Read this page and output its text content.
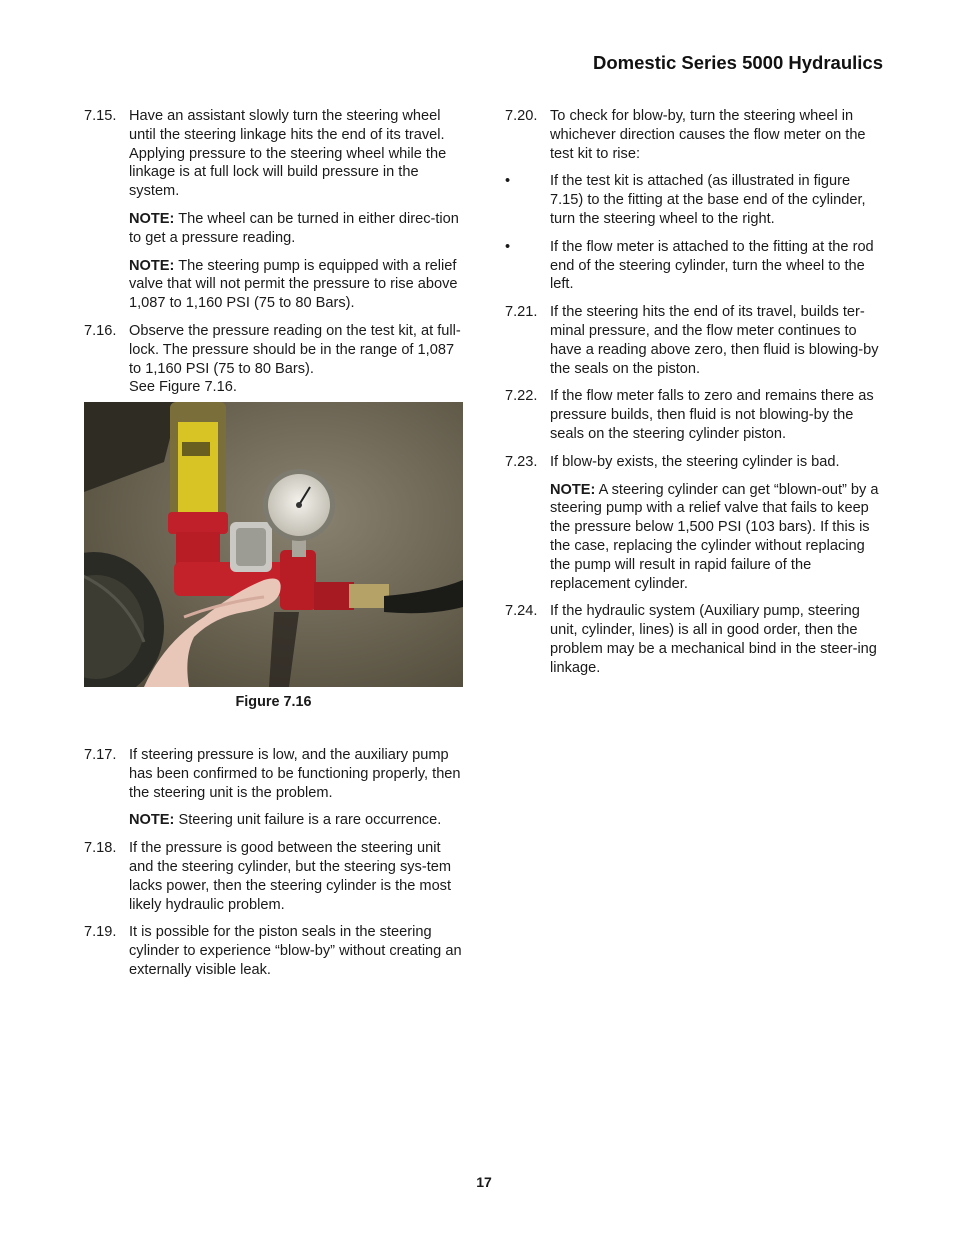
Domestic Series 5000 Hydraulics
7.15. Have an assistant slowly turn the steering wheel until the steering linkage hits the end of its travel. Applying pressure to the steering wheel while the linkage is at full lock will build pressure in the system.
NOTE: The wheel can be turned in either direc-tion to get a pressure reading.
NOTE: The steering pump is equipped with a relief valve that will not permit the pressure to rise above 1,087 to 1,160 PSI (75 to 80 Bars).
7.16. Observe the pressure reading on the test kit, at full-lock. The pressure should be in the range of 1,087 to 1,160 PSI (75 to 80 Bars).
See Figure 7.16.
Figure 7.16
7.17. If steering pressure is low, and the auxiliary pump has been confirmed to be functioning properly, then the steering unit is the problem.
NOTE: Steering unit failure is a rare occurrence.
7.18. If the pressure is good between the steering unit and the steering cylinder, but the steering sys-tem lacks power, then the steering cylinder is the most likely hydraulic problem.
7.19. It is possible for the piston seals in the steering cylinder to experience “blow-by” without creating an externally visible leak.
7.20. To check for blow-by, turn the steering wheel in whichever direction causes the flow meter on the test kit to rise:
•	If the test kit is attached (as illustrated in figure 7.15) to the fitting at the base end of the cylinder, turn the steering wheel to the right.
•	If the flow meter is attached to the fitting at the rod end of the steering cylinder, turn the wheel to the left.
7.21. If the steering hits the end of its travel, builds ter-minal pressure, and the flow meter continues to have a reading above zero, then fluid is blowing-by the seals on the piston.
7.22. If the flow meter falls to zero and remains there as pressure builds, then fluid is not blowing-by the seals on the steering cylinder piston.
7.23. If blow-by exists, the steering cylinder is bad.
NOTE: A steering cylinder can get “blown-out” by a steering pump with a relief valve that fails to keep the pressure below 1,500 PSI (103 bars). If this is the case, replacing the cylinder without replacing the pump will result in rapid failure of the replacement cylinder.
7.24. If the hydraulic system (Auxiliary pump, steering unit, cylinder, lines) is all in good order, then the problem may be a mechanical bind in the steer-ing linkage.
17
